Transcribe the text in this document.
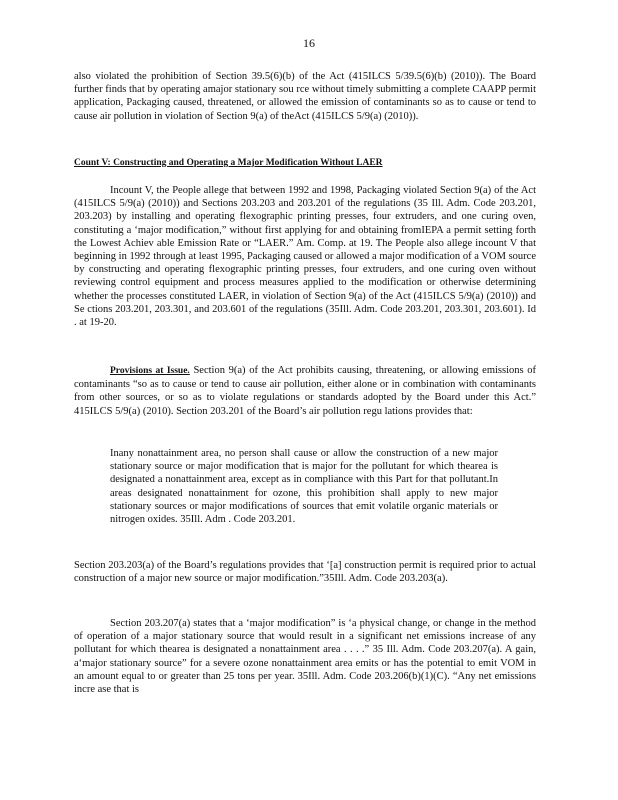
16
also violated the prohibition of Section 39.5(6)(b) of the Act (415ILCS 5/39.5(6)(b) (2010)). The Board further finds that by operating amajor stationary sou rce without timely submitting a complete CAAPP permit application, Packaging caused, threatened, or allowed the emission of contaminants so as to cause or tend to cause air pollution in violation of Section 9(a) of theAct (415ILCS 5/9(a) (2010)).
Count V: Constructing and Operating a Major Modification Without LAER
Incount V, the People allege that between 1992 and 1998, Packaging violated Section 9(a) of the Act (415ILCS 5/9(a) (2010)) and Sections 203.203 and 203.201 of the regulations (35 Ill. Adm. Code 203.201, 203.203) by installing and operating flexographic printing presses, four extruders, and one curing oven, constituting a ‘major modification,” without first applying for and obtaining fromIEPA a permit setting forth the Lowest Achiev able Emission Rate or “LAER.” Am. Comp. at 19. The People also allege incount V that beginning in 1992 through at least 1995, Packaging caused or allowed a major modification of a VOM source by constructing and operating flexographic printing presses, four extruders, and one curing oven without reviewing control equipment and process measures applied to the modification or otherwise determining whether the processes constituted LAER, in violation of Section 9(a) of the Act (415ILCS 5/9(a) (2010)) and Se ctions 203.201, 203.301, and 203.601 of the regulations (35Ill. Adm. Code 203.201, 203.301, 203.601). Id . at 19-20.
Provisions at Issue. Section 9(a) of the Act prohibits causing, threatening, or allowing emissions of contaminants “so as to cause or tend to cause air pollution, either alone or in combination with contaminants from other sources, or so as to violate regulations or standards adopted by the Board under this Act.” 415ILCS 5/9(a) (2010). Section 203.201 of the Board’s air pollution regu lations provides that:
Inany nonattainment area, no person shall cause or allow the construction of a new major stationary source or major modification that is major for the pollutant for which thearea is designated a nonattainment area, except as in compliance with this Part for that pollutant.In areas designated nonattainment for ozone, this prohibition shall apply to new major stationary sources or major modifications of sources that emit volatile organic materials or nitrogen oxides. 35Ill. Adm . Code 203.201.
Section 203.203(a) of the Board’s regulations provides that ‘[a] construction permit is required prior to actual construction of a major new source or major modification.”35Ill. Adm. Code 203.203(a).
Section 203.207(a) states that a ‘major modification” is ‘a physical change, or change in the method of operation of a major stationary source that would result in a significant net emissions increase of any pollutant for which thearea is designated a nonattainment area . . . .” 35 Ill. Adm. Code 203.207(a). A gain, a‘major stationary source” for a severe ozone nonattainment area emits or has the potential to emit VOM in an amount equal to or greater than 25 tons per year. 35Ill. Adm. Code 203.206(b)(1)(C). “Any net emissions incre ase that is
